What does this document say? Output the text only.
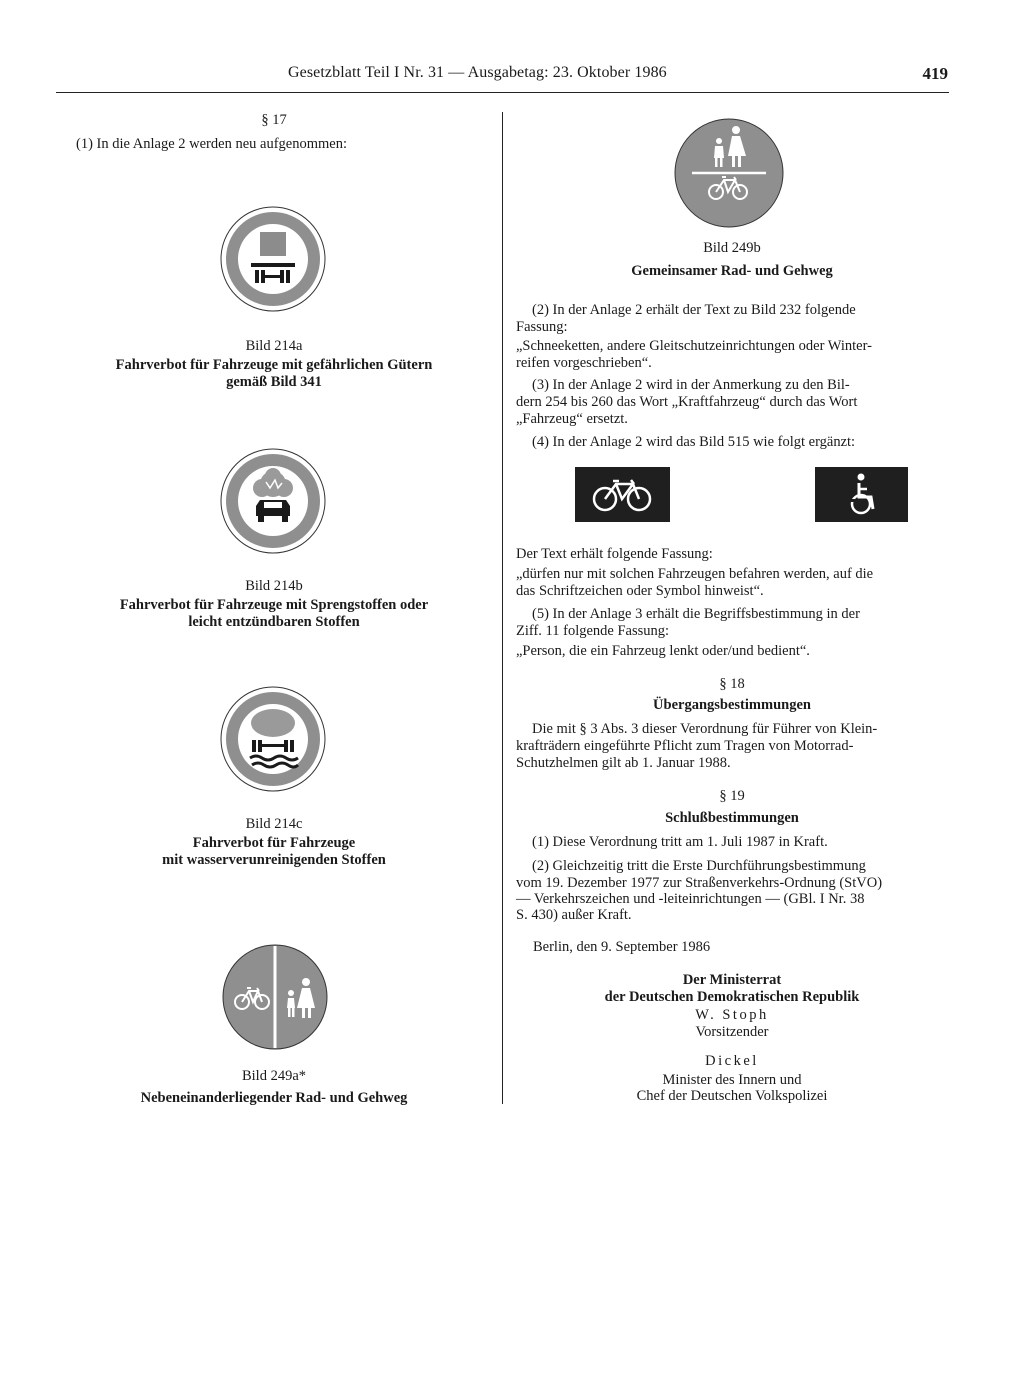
Gesetzblatt Teil I Nr. 31 — Ausgabetag: 23. Oktober 1986	419
§ 17
(1) In die Anlage 2 werden neu aufgenommen:
Bild 214a
Fahrverbot für Fahrzeuge mit gefährlichen Gütern
gemäß Bild 341
Bild 214b
Fahrverbot für Fahrzeuge mit Sprengstoffen oder
leicht entzündbaren Stoffen
Bild 214c
Fahrverbot für Fahrzeuge
mit wasserverunreinigenden Stoffen
Bild 249a*
Nebeneinanderliegender Rad- und Gehweg
Bild 249b
Gemeinsamer Rad- und Gehweg
(2) In der Anlage 2 erhält der Text zu Bild 232 folgende
Fassung:
„Schneeketten, andere Gleitschutzeinrichtungen oder Winter-
reifen vorgeschrieben“.
(3) In der Anlage 2 wird in der Anmerkung zu den Bil-
dern 254 bis 260 das Wort „Kraftfahrzeug“ durch das Wort
„Fahrzeug“ ersetzt.
(4) In der Anlage 2 wird das Bild 515 wie folgt ergänzt:
Der Text erhält folgende Fassung:
„dürfen nur mit solchen Fahrzeugen befahren werden, auf die
das Schriftzeichen oder Symbol hinweist“.
(5) In der Anlage 3 erhält die Begriffsbestimmung in der
Ziff. 11 folgende Fassung:
„Person, die ein Fahrzeug lenkt oder/und bedient“.
§ 18
Übergangsbestimmungen
Die mit § 3 Abs. 3 dieser Verordnung für Führer von Klein-
krafträdern eingeführte Pflicht zum Tragen von Motorrad-
Schutzhelmen gilt ab 1. Januar 1988.
§ 19
Schlußbestimmungen
(1) Diese Verordnung tritt am 1. Juli 1987 in Kraft.
(2) Gleichzeitig tritt die Erste Durchführungsbestimmung
vom 19. Dezember 1977 zur Straßenverkehrs-Ordnung (StVO)
— Verkehrszeichen und -leiteinrichtungen — (GBl. I Nr. 38
S. 430) außer Kraft.
Berlin, den 9. September 1986
Der Ministerrat
der Deutschen Demokratischen Republik
W. Stoph
Vorsitzender
Dickel
Minister des Innern und
Chef der Deutschen Volkspolizei
